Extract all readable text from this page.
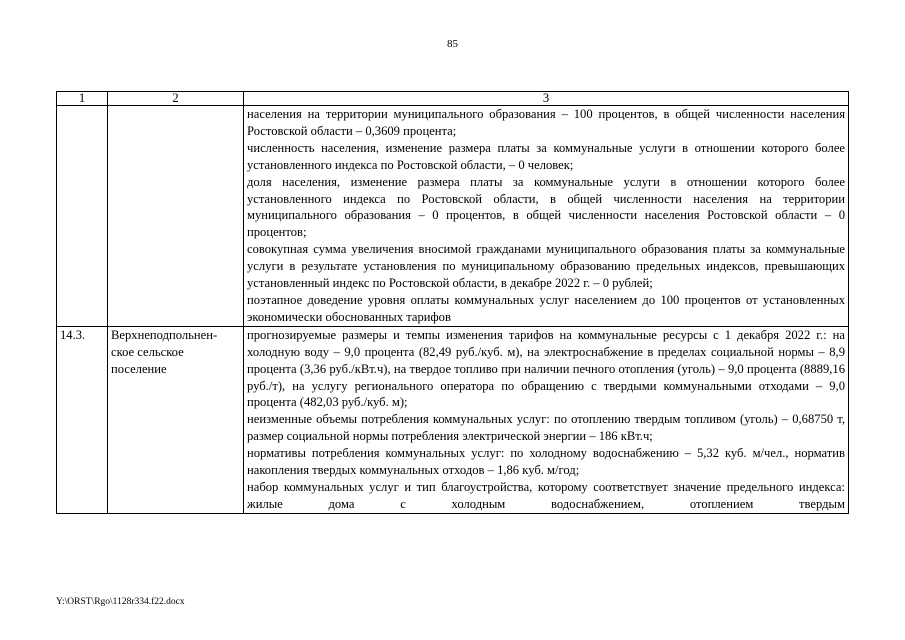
85
1	2	3

		населения на территории муниципального образования – 100 процентов, в общей численности населения Ростовской области – 0,3609 процента;
численность населения, изменение размера платы за коммунальные услуги в отношении которого более установленного индекса по Ростовской области, – 0 человек;
доля населения, изменение размера платы за коммунальные услуги в отношении которого более установленного индекса по Ростовской области, в общей численности населения на территории муниципального образования – 0 процентов, в общей численности населения Ростовской области – 0 процентов;
совокупная сумма увеличения вносимой гражданами муниципального образования платы за коммунальные услуги в результате установления по муниципальному образованию предельных индексов, превышающих установленный индекс по Ростовской области, в декабре 2022 г. – 0 рублей;
поэтапное доведение уровня оплаты коммунальных услуг населением до 100 процентов от установленных экономически обоснованных тарифов

14.3.	Верхнеподпольнен-ское сельское поселение	прогнозируемые размеры и темпы изменения тарифов на коммунальные ресурсы с 1 декабря 2022 г.: на холодную воду – 9,0 процента (82,49 руб./куб. м), на электроснабжение в пределах социальной нормы – 8,9 процента (3,36 руб./кВт.ч), на твердое топливо при наличии печного отопления (уголь) – 9,0 процента (8889,16 руб./т), на услугу регионального оператора по обращению с твердыми коммунальными отходами – 9,0 процента (482,03 руб./куб. м);
неизменные объемы потребления коммунальных услуг: по отоплению твердым топливом (уголь) – 0,68750 т, размер социальной нормы потребления электрической энергии – 186 кВт.ч;
нормативы потребления коммунальных услуг: по холодному водоснабжению – 5,32 куб. м/чел., норматив накопления твердых коммунальных отходов – 1,86 куб. м/год;
набор коммунальных услуг и тип благоустройства, которому соответствует значение предельного индекса: жилые дома с холодным водоснабжением, отоплением твердым
Y:\ORST\Rgo\1128r334.f22.docx
